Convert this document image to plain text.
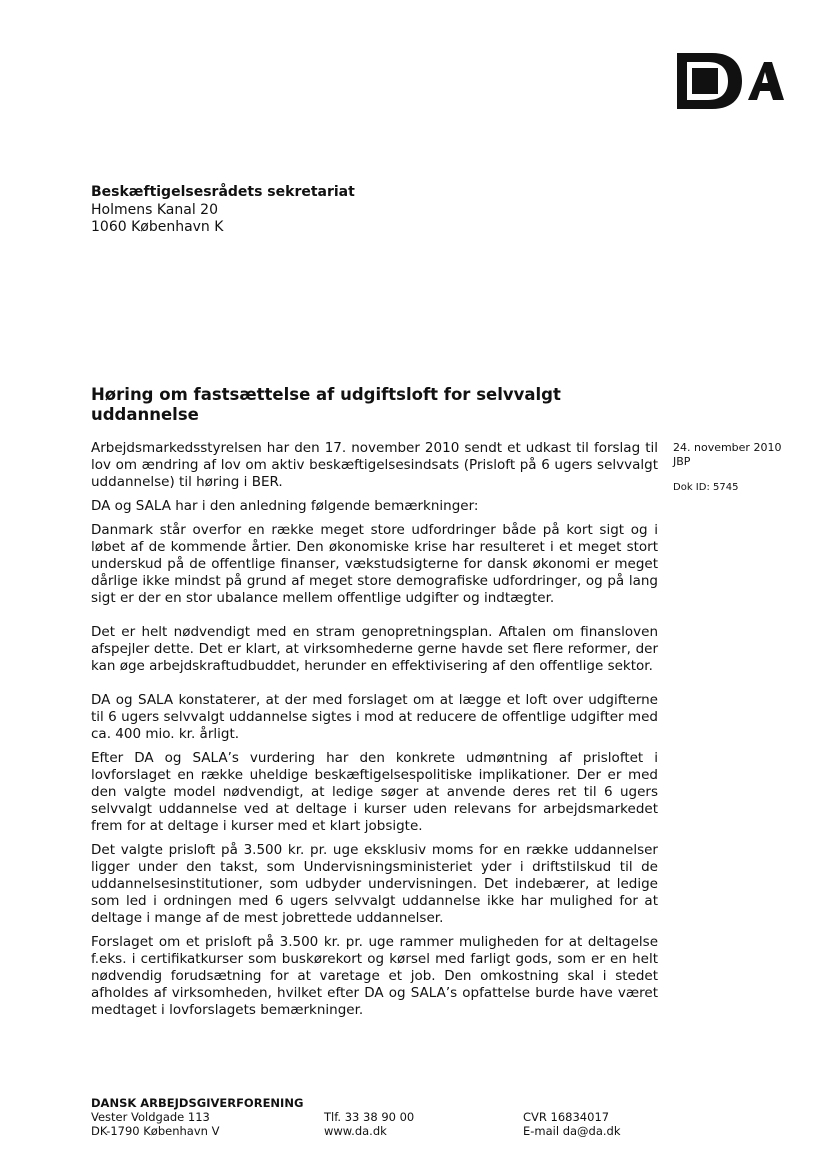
Beskæftigelsesrådets sekretariat
Holmens Kanal 20
1060 København K
Høring om fastsættelse af udgiftsloft for selvvalgt uddannelse
24. november 2010
JBP
Dok ID: 5745

Arbejdsmarkedsstyrelsen har den 17. november 2010 sendt et udkast til forslag til lov om ændring af lov om aktiv beskæftigelsesindsats (Prisloft på 6 ugers selvvalgt uddannelse) til høring i BER.

DA og SALA har i den anledning følgende bemærkninger:

Danmark står overfor en række meget store udfordringer både på kort sigt og i løbet af de kommende årtier. Den økonomiske krise har resulteret i et meget stort underskud på de offentlige finanser, vækstudsigterne for dansk økonomi er meget dårlige ikke mindst på grund af meget store demografiske udfordringer, og på lang sigt er der en stor ubalance mellem offentlige udgifter og indtægter.

Det er helt nødvendigt med en stram genopretningsplan. Aftalen om finansloven afspejler dette. Det er klart, at virksomhederne gerne havde set flere reformer, der kan øge arbejdskraftudbuddet, herunder en effektivisering af den offentlige sektor.

DA og SALA konstaterer, at der med forslaget om at lægge et loft over udgifterne til 6 ugers selvvalgt uddannelse sigtes i mod at reducere de offentlige udgifter med ca. 400 mio. kr. årligt.

Efter DA og SALA’s vurdering har den konkrete udmøntning af prisloftet i lovforslaget en række uheldige beskæftigelsespolitiske implikationer. Der er med den valgte model nødvendigt, at ledige søger at anvende deres ret til 6 ugers selvvalgt uddannelse ved at deltage i kurser uden relevans for arbejdsmarkedet frem for at deltage i kurser med et klart jobsigte.

Det valgte prisloft på 3.500 kr. pr. uge eksklusiv moms for en række uddannelser ligger under den takst, som Undervisningsministeriet yder i driftstilskud til de uddannelsesinstitutioner, som udbyder undervisningen. Det indebærer, at ledige som led i ordningen med 6 ugers selvvalgt uddannelse ikke har mulighed for at deltage i mange af de mest jobrettede uddannelser.

Forslaget om et prisloft på 3.500 kr. pr. uge rammer muligheden for at deltagelse f.eks. i certifikatkurser som buskørekort og kørsel med farligt gods, som er en helt nødvendig forudsætning for at varetage et job. Den omkostning skal i stedet afholdes af virksomheden, hvilket efter DA og SALA’s opfattelse burde have været medtaget i lovforslagets bemærkninger.

DANSK ARBEJDSGIVERFORENING
Vester Voldgade 113
DK-1790 København V
Tlf. 33 38 90 00
www.da.dk
CVR 16834017
E-mail da@da.dk
